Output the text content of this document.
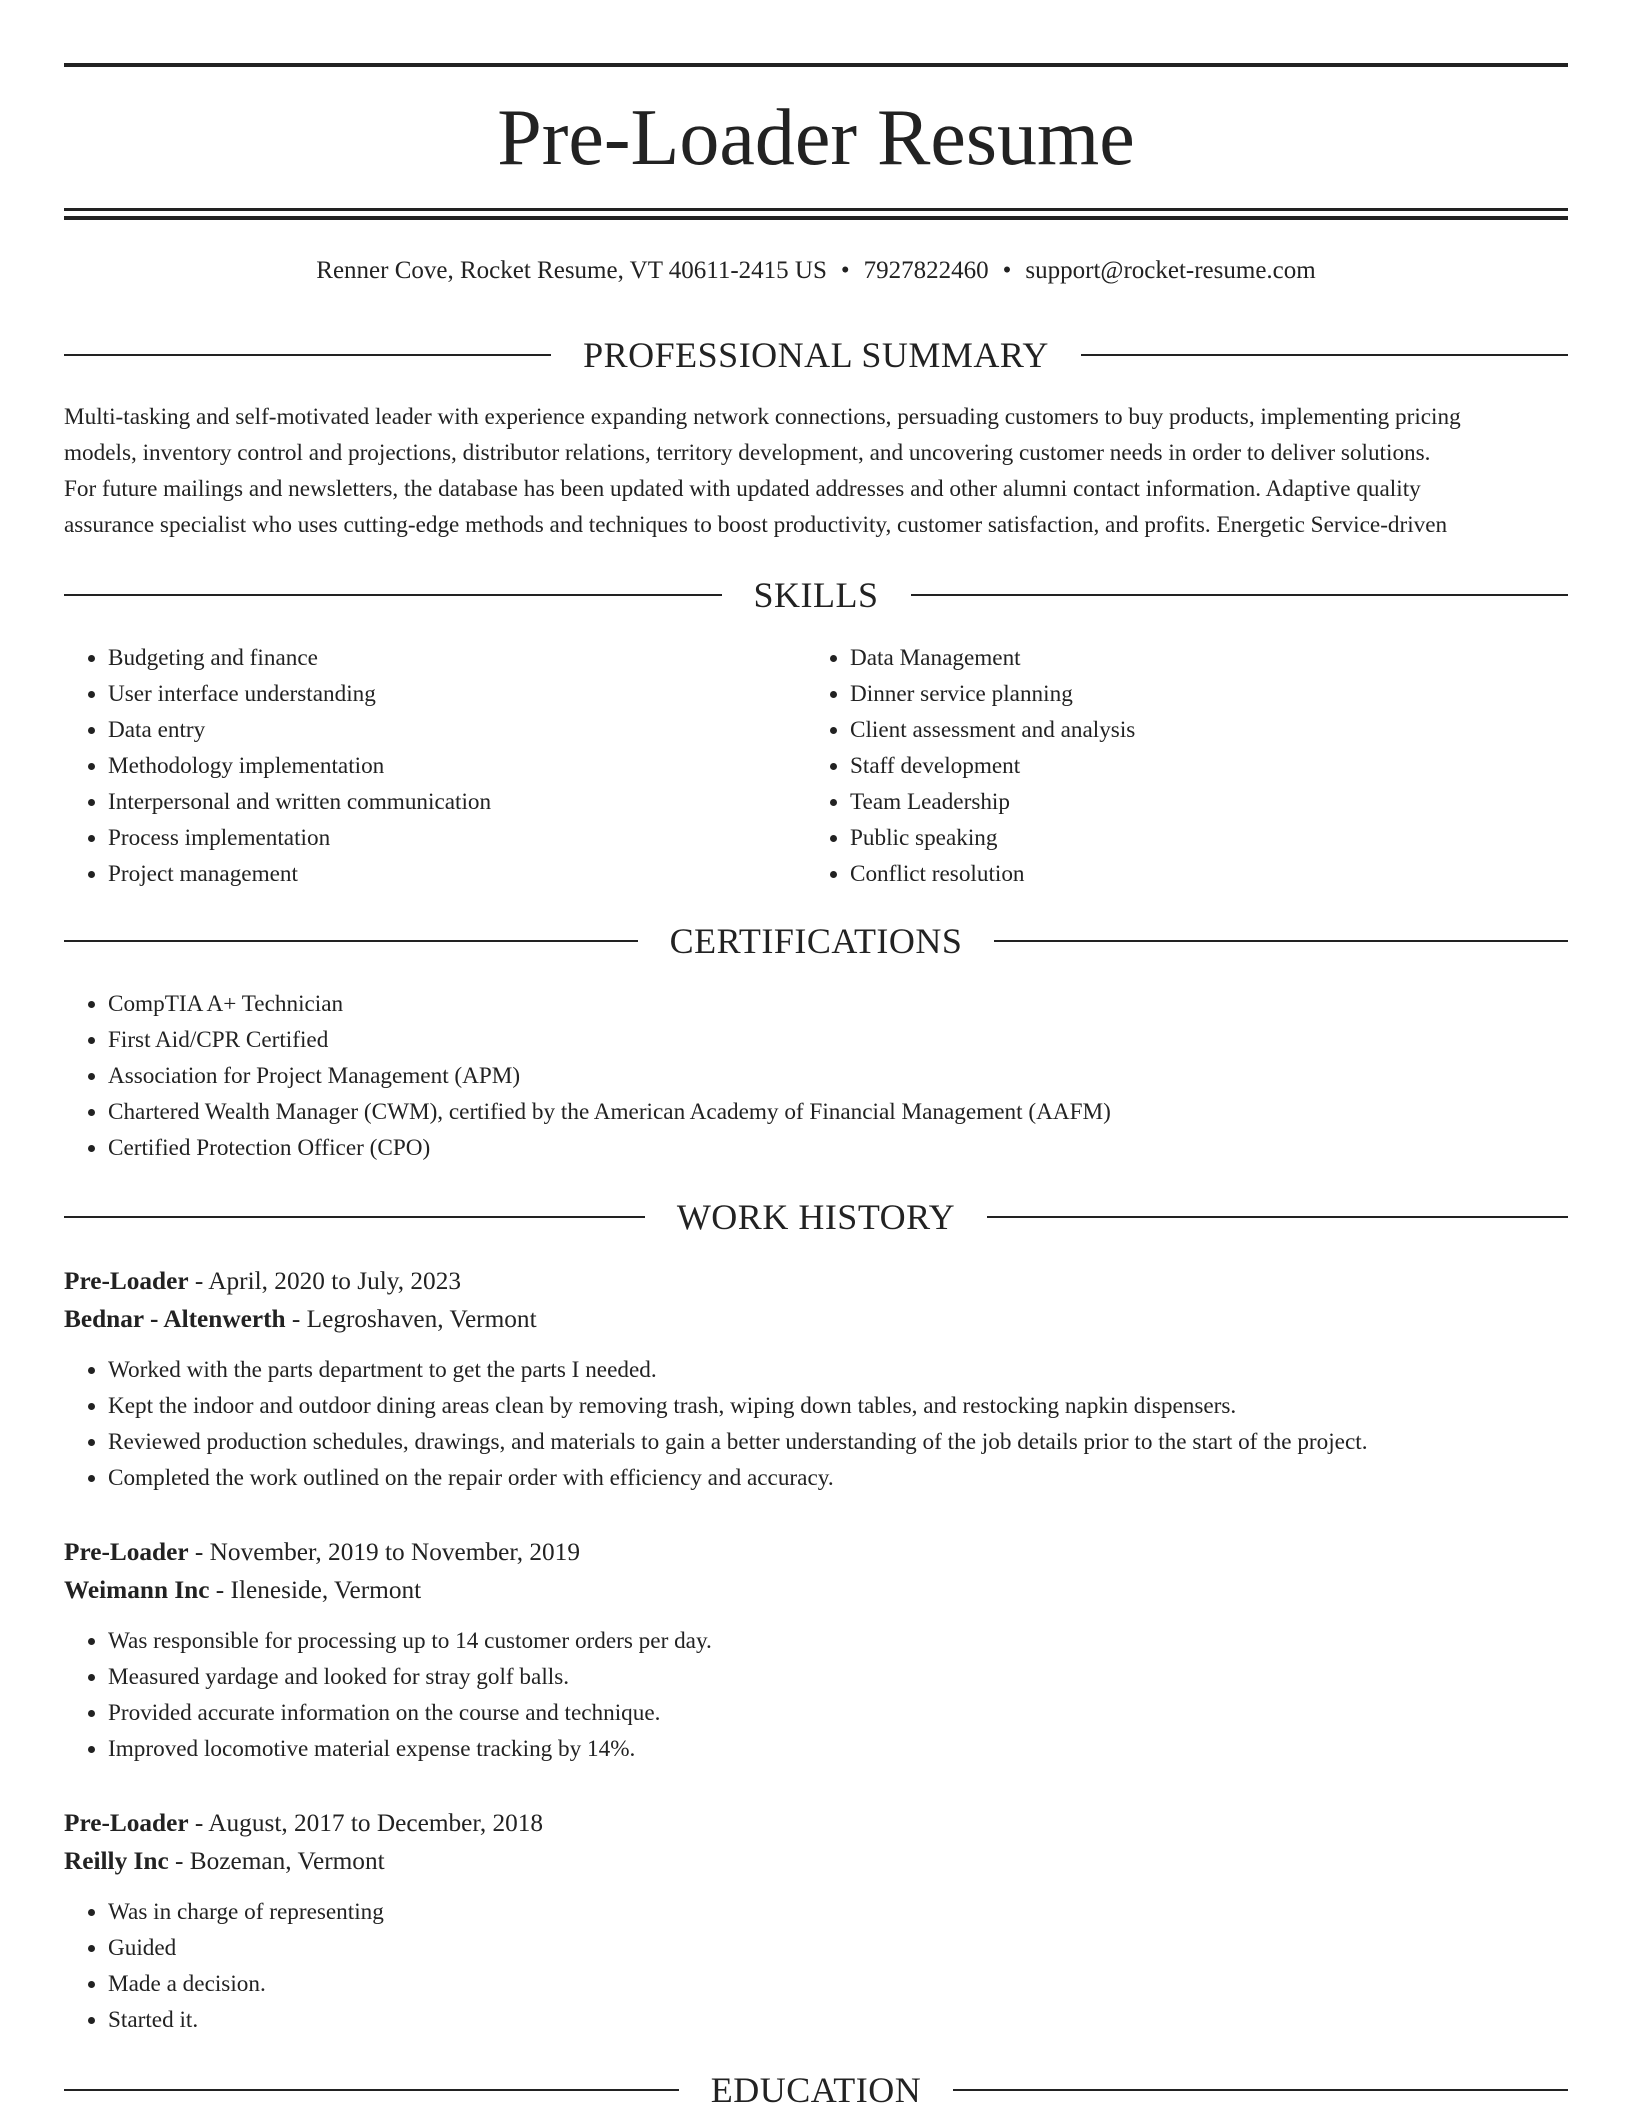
Pre-Loader Resume
Renner Cove, Rocket Resume, VT 40611-2415 US • 7927822460 • support@rocket-resume.com
PROFESSIONAL SUMMARY
Multi-tasking and self-motivated leader with experience expanding network connections, persuading customers to buy products, implementing pricing
models, inventory control and projections, distributor relations, territory development, and uncovering customer needs in order to deliver solutions.
For future mailings and newsletters, the database has been updated with updated addresses and other alumni contact information. Adaptive quality
assurance specialist who uses cutting-edge methods and techniques to boost productivity, customer satisfaction, and profits. Energetic Service-driven
SKILLS
• Budgeting and finance
• User interface understanding
• Data entry
• Methodology implementation
• Interpersonal and written communication
• Process implementation
• Project management
• Data Management
• Dinner service planning
• Client assessment and analysis
• Staff development
• Team Leadership
• Public speaking
• Conflict resolution
CERTIFICATIONS
• CompTIA A+ Technician
• First Aid/CPR Certified
• Association for Project Management (APM)
• Chartered Wealth Manager (CWM), certified by the American Academy of Financial Management (AAFM)
• Certified Protection Officer (CPO)
WORK HISTORY
Pre-Loader - April, 2020 to July, 2023
Bednar - Altenwerth - Legroshaven, Vermont
• Worked with the parts department to get the parts I needed.
• Kept the indoor and outdoor dining areas clean by removing trash, wiping down tables, and restocking napkin dispensers.
• Reviewed production schedules, drawings, and materials to gain a better understanding of the job details prior to the start of the project.
• Completed the work outlined on the repair order with efficiency and accuracy.
Pre-Loader - November, 2019 to November, 2019
Weimann Inc - Ileneside, Vermont
• Was responsible for processing up to 14 customer orders per day.
• Measured yardage and looked for stray golf balls.
• Provided accurate information on the course and technique.
• Improved locomotive material expense tracking by 14%.
Pre-Loader - August, 2017 to December, 2018
Reilly Inc - Bozeman, Vermont
• Was in charge of representing
• Guided
• Made a decision.
• Started it.
EDUCATION
